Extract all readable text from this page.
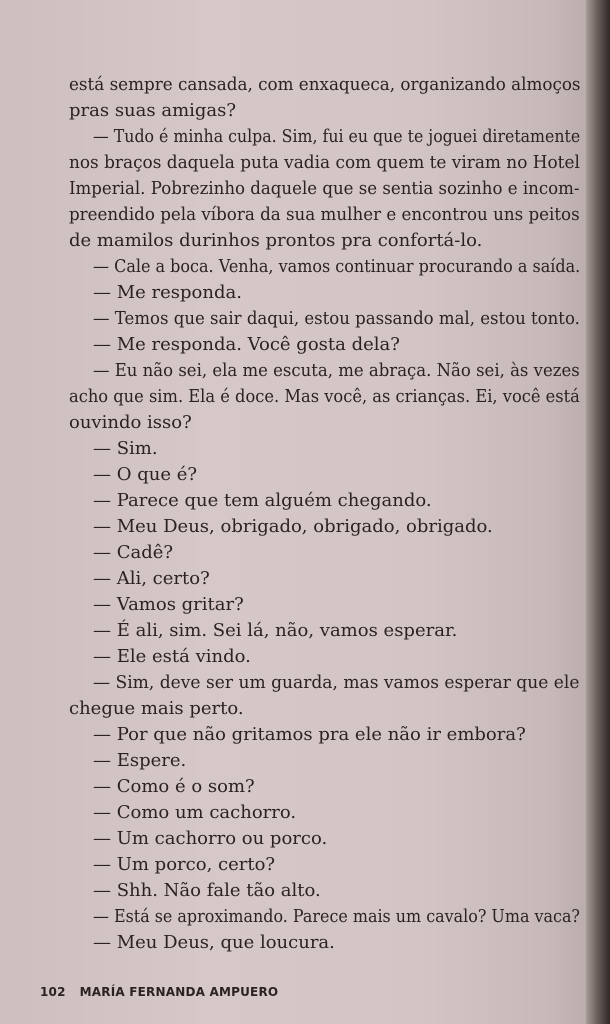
está sempre cansada, com enxaqueca, organizando almoços
pras suas amigas?
— Tudo é minha culpa. Sim, fui eu que te joguei diretamente
nos braços daquela puta vadia com quem te viram no Hotel
Imperial. Pobrezinho daquele que se sentia sozinho e incom-
preendido pela víbora da sua mulher e encontrou uns peitos
de mamilos durinhos prontos pra confortá-lo.
— Cale a boca. Venha, vamos continuar procurando a saída.
— Me responda.
— Temos que sair daqui, estou passando mal, estou tonto.
— Me responda. Você gosta dela?
— Eu não sei, ela me escuta, me abraça. Não sei, às vezes
acho que sim. Ela é doce. Mas você, as crianças. Ei, você está
ouvindo isso?
— Sim.
— O que é?
— Parece que tem alguém chegando.
— Meu Deus, obrigado, obrigado, obrigado.
— Cadê?
— Ali, certo?
— Vamos gritar?
— É ali, sim. Sei lá, não, vamos esperar.
— Ele está vindo.
— Sim, deve ser um guarda, mas vamos esperar que ele
chegue mais perto.
— Por que não gritamos pra ele não ir embora?
— Espere.
— Como é o som?
— Como um cachorro.
— Um cachorro ou porco.
— Um porco, certo?
— Shh. Não fale tão alto.
— Está se aproximando. Parece mais um cavalo? Uma vaca?
— Meu Deus, que loucura.
102 MARÍA FERNANDA AMPUERO
